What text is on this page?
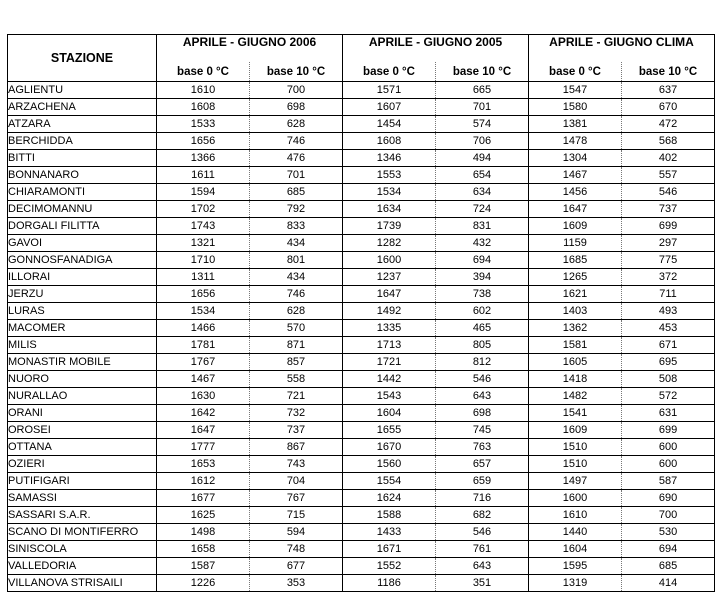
STAZIONE	APRILE - GIUGNO 2006		APRILE - GIUGNO 2005		APRILE - GIUGNO CLIMA	
	base 0 °C	base 10 °C	base 0 °C	base 10 °C	base 0 °C	base 10 °C
AGLIENTU	1610	700	1571	665	1547	637
ARZACHENA	1608	698	1607	701	1580	670
ATZARA	1533	628	1454	574	1381	472
BERCHIDDA	1656	746	1608	706	1478	568
BITTI	1366	476	1346	494	1304	402
BONNANARO	1611	701	1553	654	1467	557
CHIARAMONTI	1594	685	1534	634	1456	546
DECIMOMANNU	1702	792	1634	724	1647	737
DORGALI FILITTA	1743	833	1739	831	1609	699
GAVOI	1321	434	1282	432	1159	297
GONNOSFANADIGA	1710	801	1600	694	1685	775
ILLORAI	1311	434	1237	394	1265	372
JERZU	1656	746	1647	738	1621	711
LURAS	1534	628	1492	602	1403	493
MACOMER	1466	570	1335	465	1362	453
MILIS	1781	871	1713	805	1581	671
MONASTIR MOBILE	1767	857	1721	812	1605	695
NUORO	1467	558	1442	546	1418	508
NURALLAO	1630	721	1543	643	1482	572
ORANI	1642	732	1604	698	1541	631
OROSEI	1647	737	1655	745	1609	699
OTTANA	1777	867	1670	763	1510	600
OZIERI	1653	743	1560	657	1510	600
PUTIFIGARI	1612	704	1554	659	1497	587
SAMASSI	1677	767	1624	716	1600	690
SASSARI S.A.R.	1625	715	1588	682	1610	700
SCANO DI MONTIFERRO	1498	594	1433	546	1440	530
SINISCOLA	1658	748	1671	761	1604	694
VALLEDORIA	1587	677	1552	643	1595	685
VILLANOVA STRISAILI	1226	353	1186	351	1319	414
